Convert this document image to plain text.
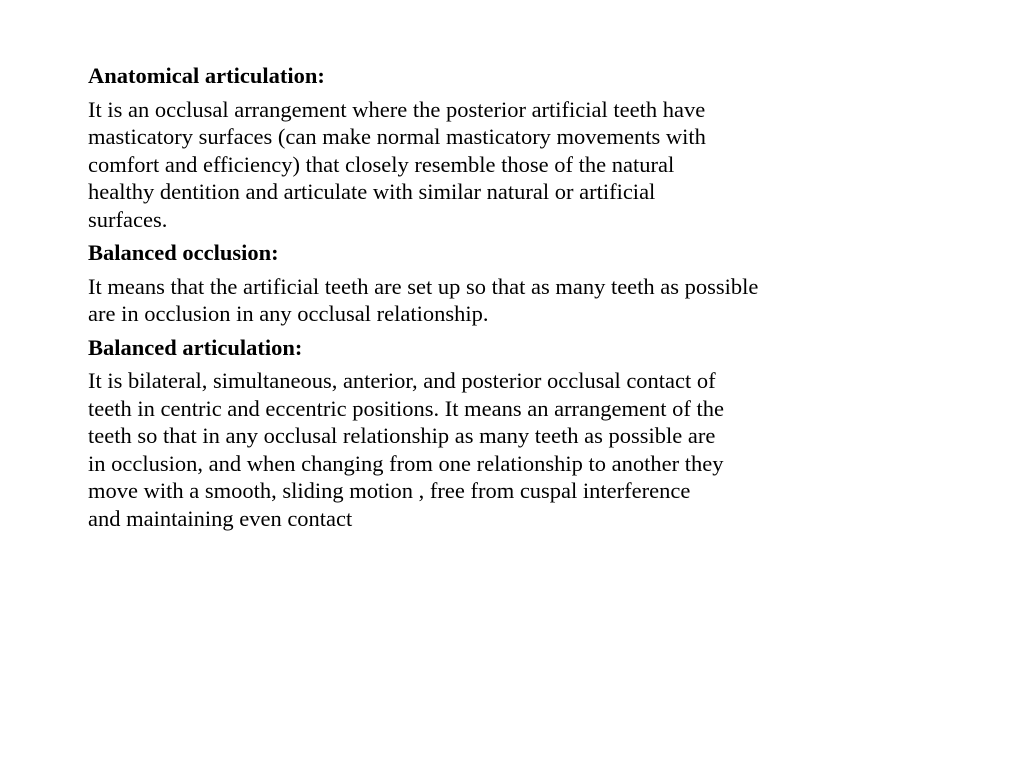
Anatomical articulation:
It is an occlusal arrangement where the posterior artificial teeth have
masticatory surfaces (can make normal masticatory movements with
comfort and efficiency) that closely resemble those of the natural
healthy dentition and articulate with similar natural or artificial
surfaces.
Balanced occlusion:
It means that the artificial teeth are set up so that as many teeth as possible
are in occlusion in any occlusal relationship.
Balanced articulation:
It is bilateral, simultaneous, anterior, and posterior occlusal contact of
teeth in centric and eccentric positions. It means an arrangement of the
teeth so that in any occlusal relationship as many teeth as possible are
in occlusion, and when changing from one relationship to another they
move with a smooth, sliding motion , free from cuspal interference
and maintaining even contact
